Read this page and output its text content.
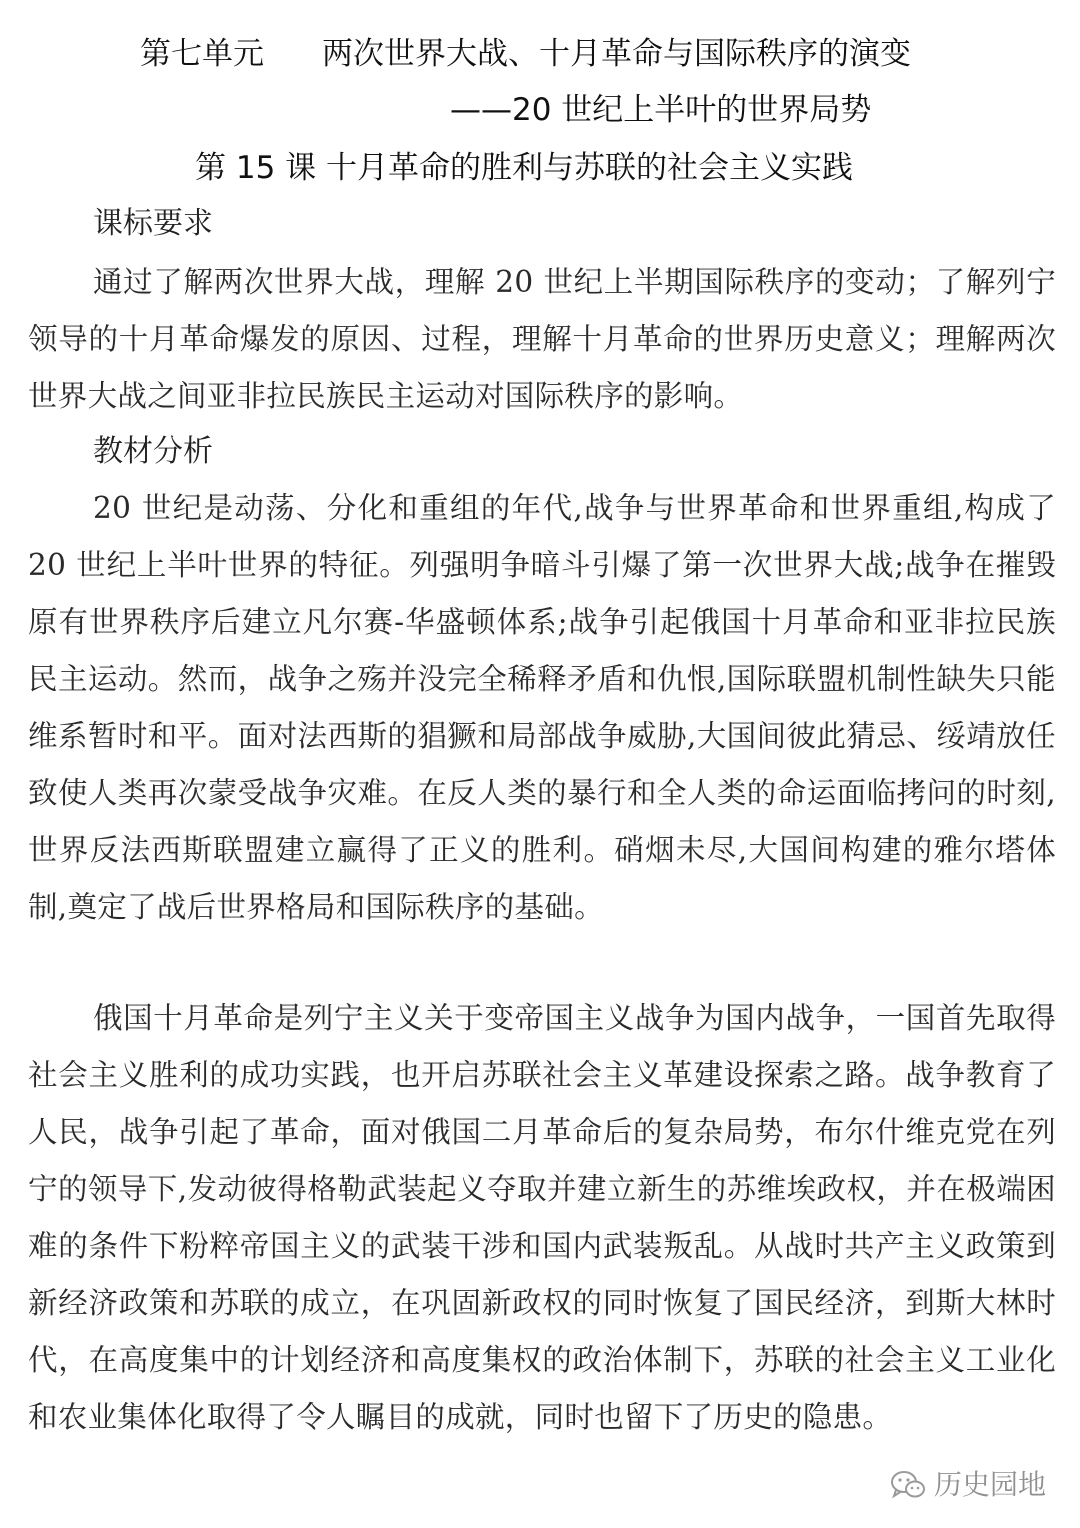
第七单元 两次世界大战、十月革命与国际秩序的演变
——20 世纪上半叶的世界局势
第 15 课 十月革命的胜利与苏联的社会主义实践
课标要求

通过了解两次世界大战，理解 20 世纪上半期国际秩序的变动；了解列宁领导的十月革命爆发的原因、过程，理解十月革命的世界历史意义；理解两次世界大战之间亚非拉民族民主运动对国际秩序的影响。

教材分析

20 世纪是动荡、分化和重组的年代,战争与世界革命和世界重组,构成了 20 世纪上半叶世界的特征。列强明争暗斗引爆了第一次世界大战;战争在摧毁原有世界秩序后建立凡尔赛-华盛顿体系;战争引起俄国十月革命和亚非拉民族民主运动。然而，战争之殇并没完全稀释矛盾和仇恨,国际联盟机制性缺失只能维系暂时和平。面对法西斯的猖獗和局部战争威胁,大国间彼此猜忌、绥靖放任致使人类再次蒙受战争灾难。在反人类的暴行和全人类的命运面临拷问的时刻,世界反法西斯联盟建立赢得了正义的胜利。硝烟未尽,大国间构建的雅尔塔体制,奠定了战后世界格局和国际秩序的基础。

俄国十月革命是列宁主义关于变帝国主义战争为国内战争，一国首先取得社会主义胜利的成功实践，也开启苏联社会主义革建设探索之路。战争教育了人民，战争引起了革命，面对俄国二月革命后的复杂局势，布尔什维克党在列宁的领导下,发动彼得格勒武装起义夺取并建立新生的苏维埃政权，并在极端困难的条件下粉粹帝国主义的武装干涉和国内武装叛乱。从战时共产主义政策到新经济政策和苏联的成立，在巩固新政权的同时恢复了国民经济，到斯大林时代，在高度集中的计划经济和高度集权的政治体制下，苏联的社会主义工业化和农业集体化取得了令人瞩目的成就，同时也留下了历史的隐患。

历史园地
